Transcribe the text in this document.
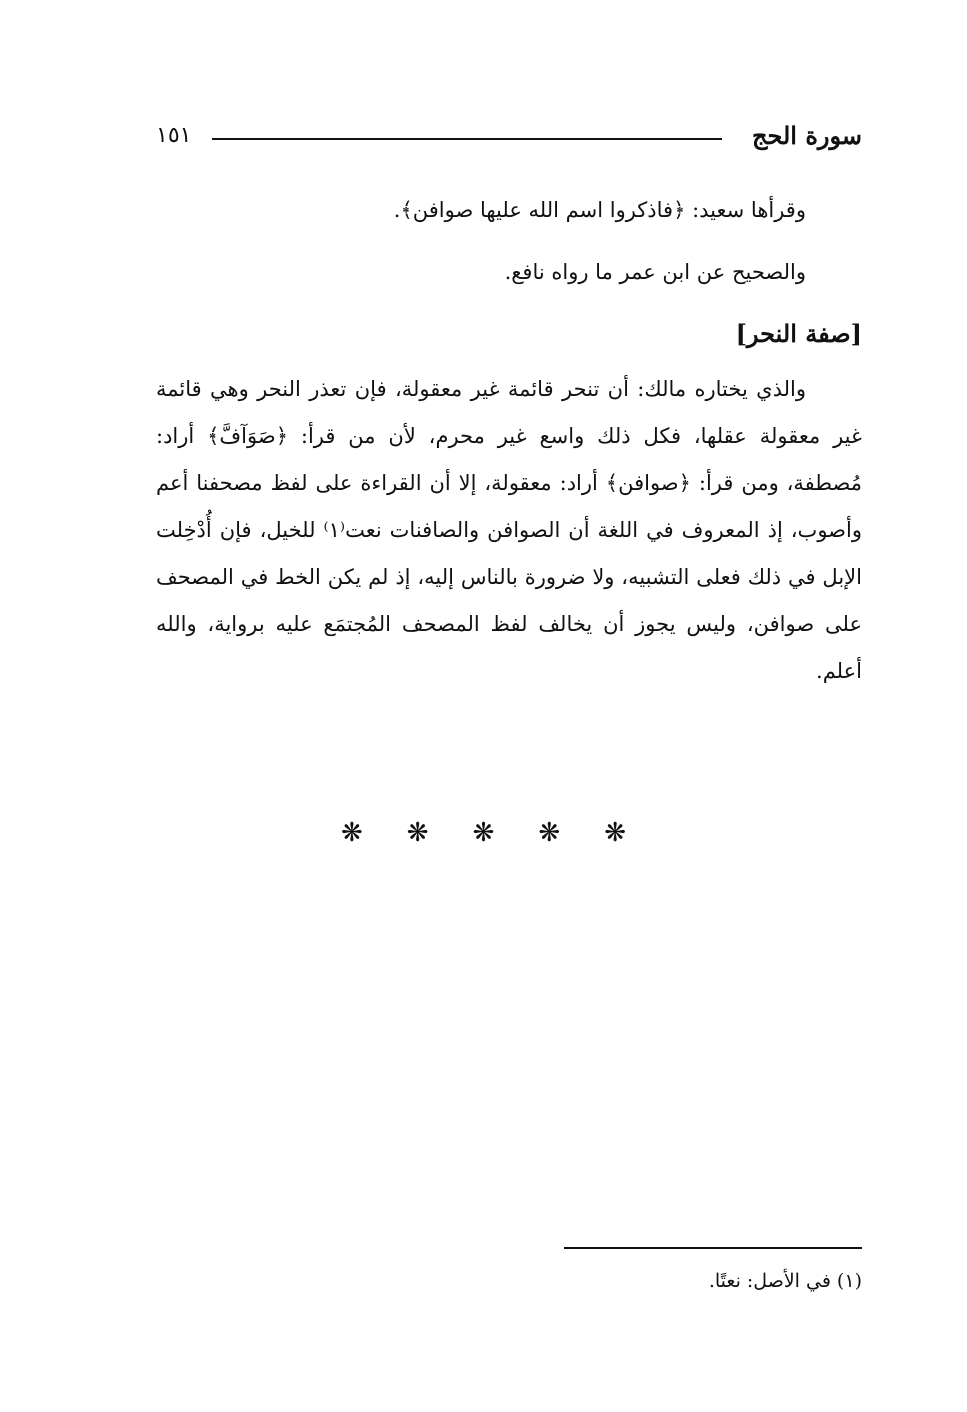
سورة الحج
١٥١

وقرأها سعيد: ﴿فاذكروا اسم الله عليها صوافن﴾.

والصحيح عن ابن عمر ما رواه نافع.

[صفة النحر]

والذي يختاره مالك: أن تنحر قائمة غير معقولة، فإن تعذر النحر وهي قائمة غير معقولة عقلها، فكل ذلك واسع غير محرم، لأن من قرأ: ﴿صَوَآفَّ﴾ أراد: مُصطفة، ومن قرأ: ﴿صوافن﴾ أراد: معقولة، إلا أن القراءة على لفظ مصحفنا أعم وأصوب، إذ المعروف في اللغة أن الصوافن والصافنات نعت⁽١⁾ للخيل، فإن أُدْخِلت الإبل في ذلك فعلى التشبيه، ولا ضرورة بالناس إليه، إذ لم يكن الخط في المصحف على صوافن، وليس يجوز أن يخالف لفظ المصحف المُجتمَع عليه برواية، والله أعلم.

❋❋❋❋❋
(١) في الأصل: نعتًا.
